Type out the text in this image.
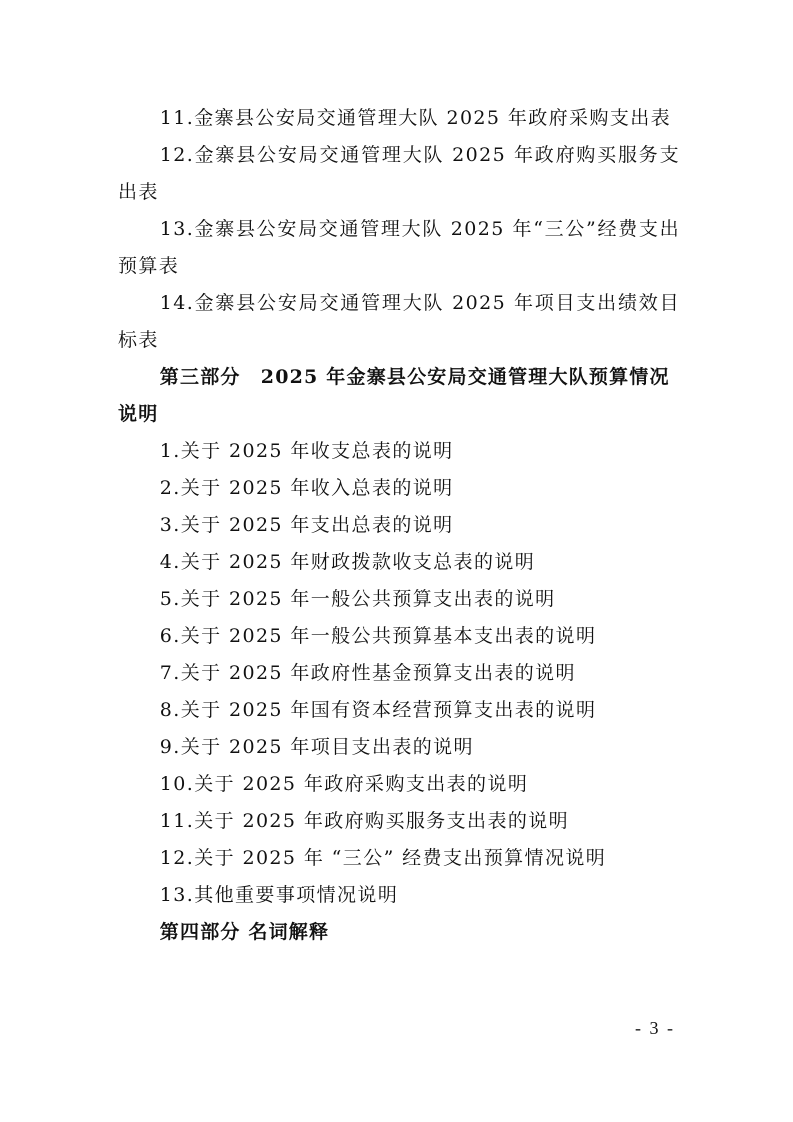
11.金寨县公安局交通管理大队 2025 年政府采购支出表

12.金寨县公安局交通管理大队 2025 年政府购买服务支出表

13.金寨县公安局交通管理大队 2025 年“三公”经费支出预算表

14.金寨县公安局交通管理大队 2025 年项目支出绩效目标表

第三部分　2025 年金寨县公安局交通管理大队预算情况说明

1.关于 2025 年收支总表的说明

2.关于 2025 年收入总表的说明

3.关于 2025 年支出总表的说明

4.关于 2025 年财政拨款收支总表的说明

5.关于 2025 年一般公共预算支出表的说明

6.关于 2025 年一般公共预算基本支出表的说明

7.关于 2025 年政府性基金预算支出表的说明

8.关于 2025 年国有资本经营预算支出表的说明

9.关于 2025 年项目支出表的说明

10.关于 2025 年政府采购支出表的说明

11.关于 2025 年政府购买服务支出表的说明

12.关于 2025 年 “三公” 经费支出预算情况说明

13.其他重要事项情况说明

第四部分 名词解释

- 3 -
